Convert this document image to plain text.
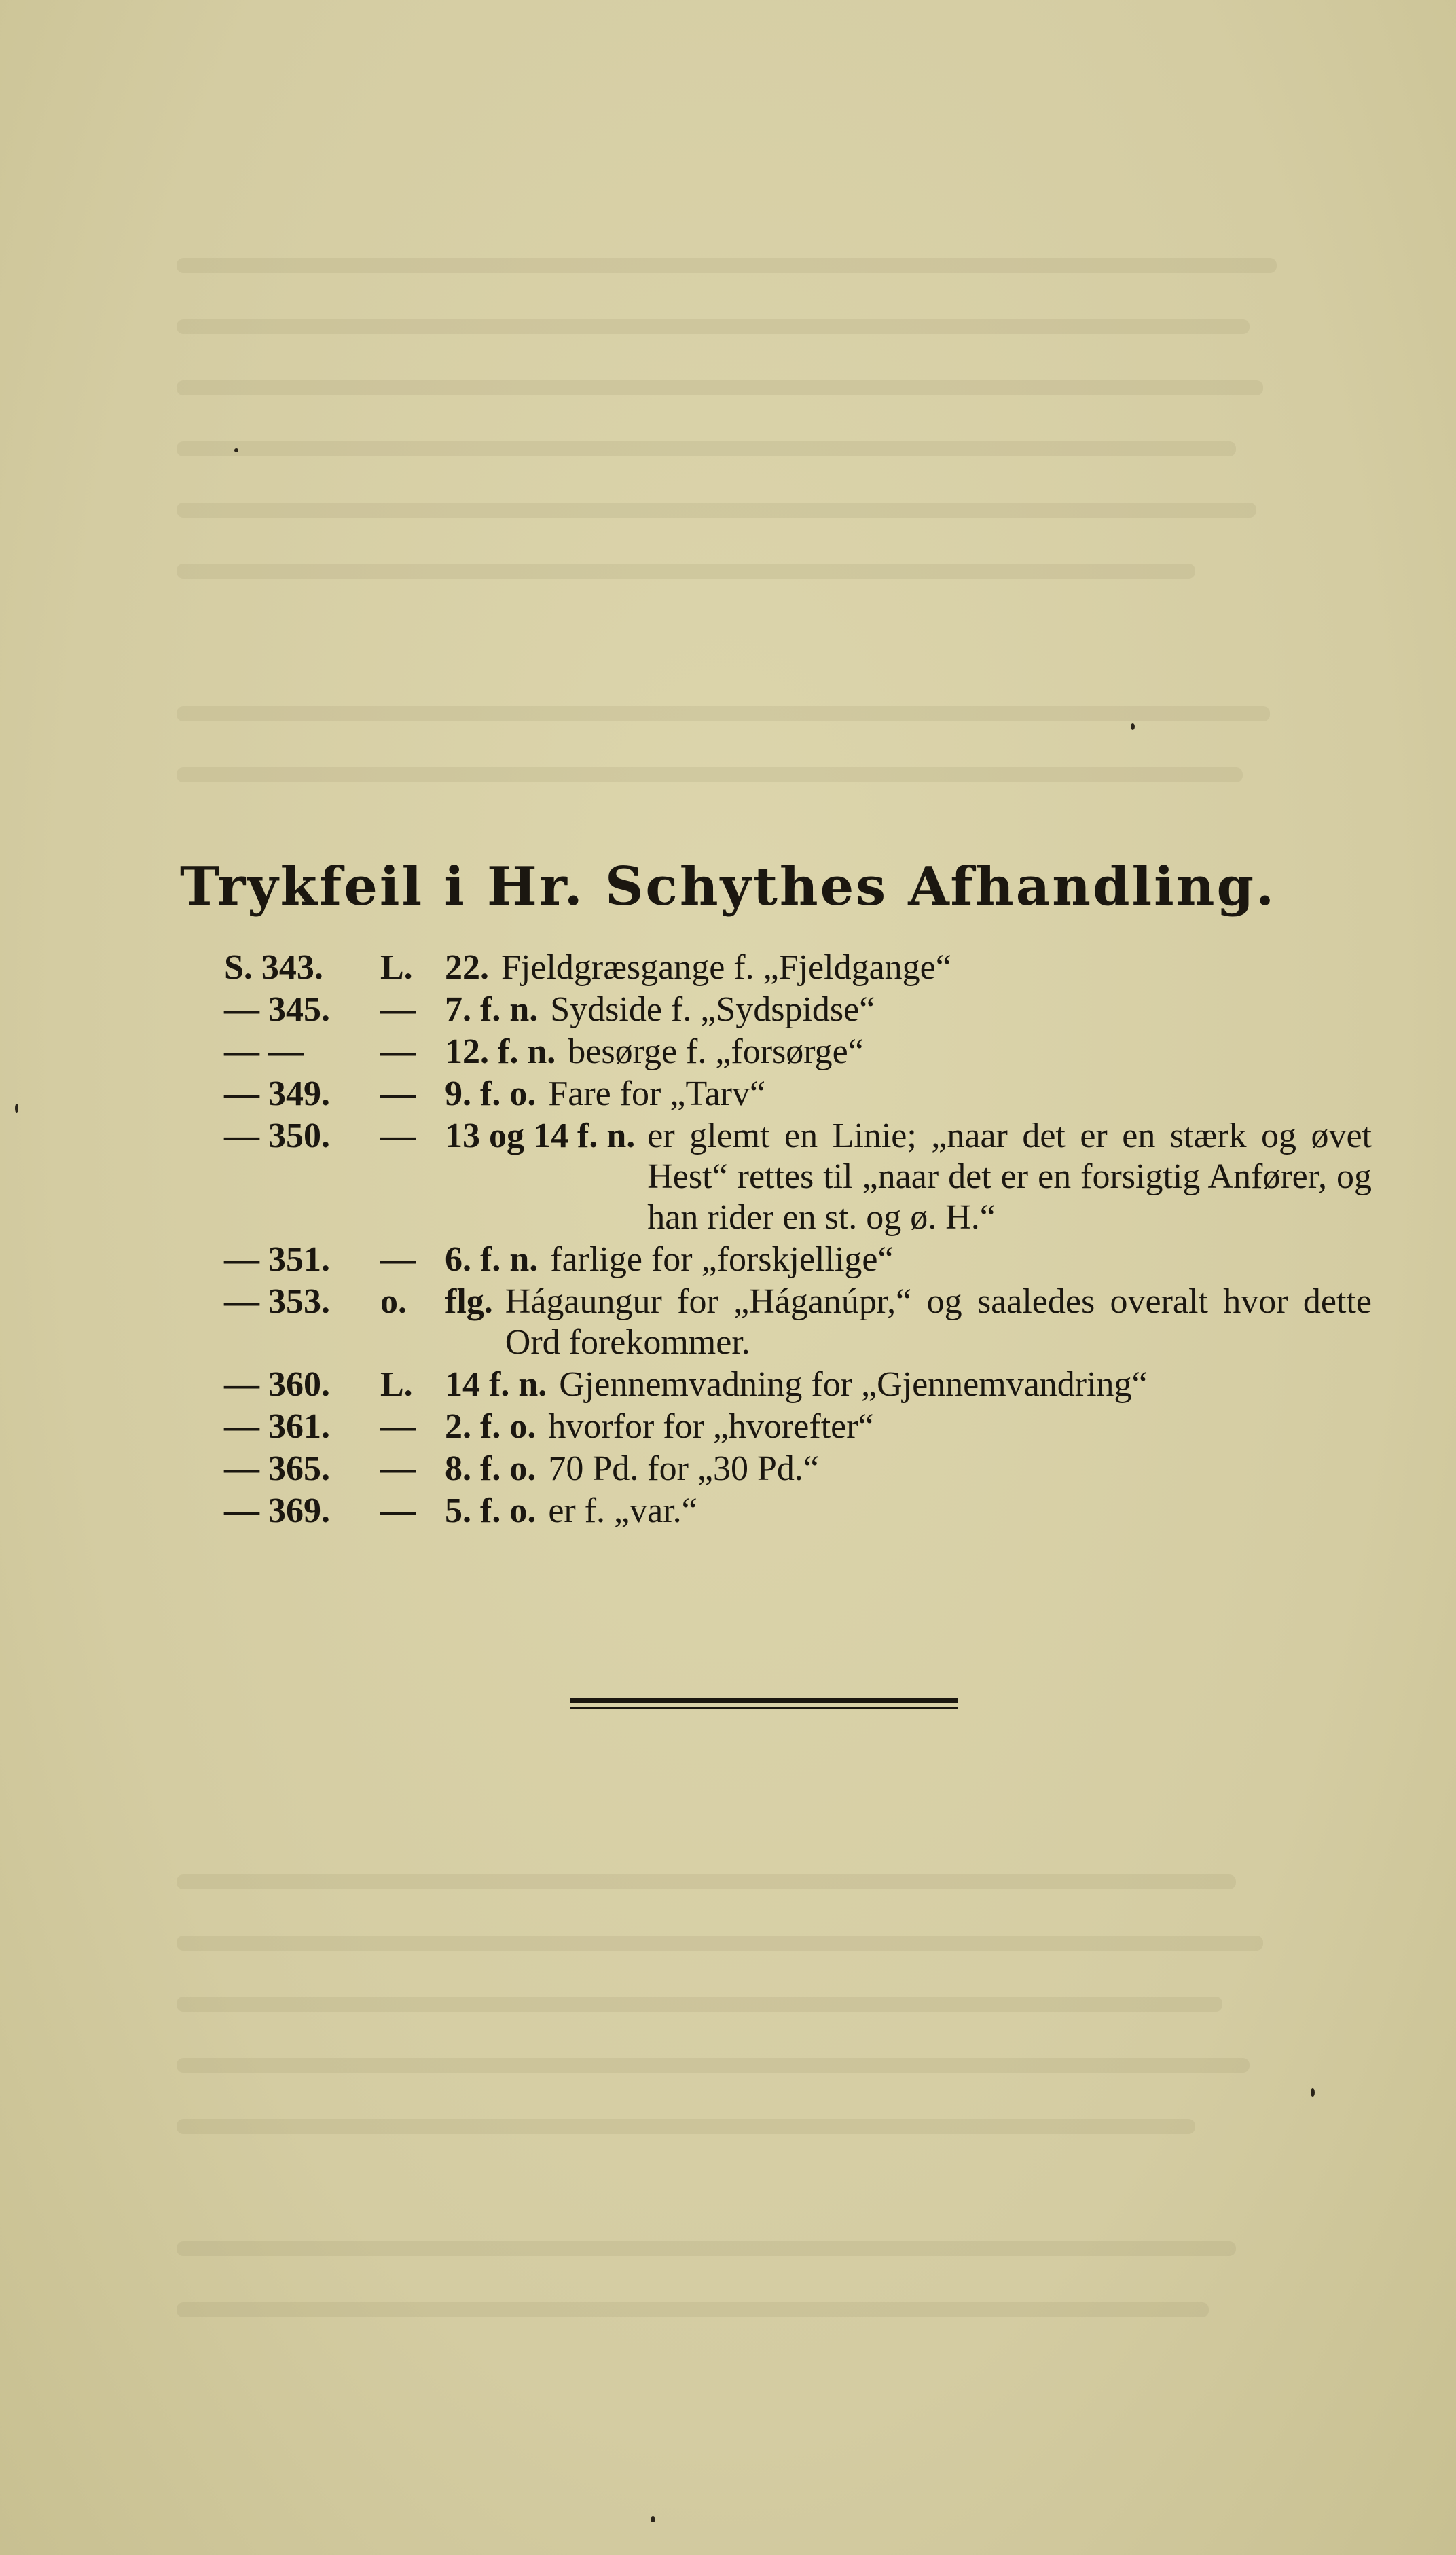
Trykfeil i Hr. Schythes Afhandling.
S. 343.	L. 22. Fjeldgræsgange f. „Fjeldgange“
— 345.	— 7. f. n. Sydside f. „Sydspidse“
— —	— 12. f. n. besørge f. „forsørge“
— 349.	— 9. f. o. Fare for „Tarv“
— 350.	— 13 og 14 f. n. er glemt en Linie; „naar det er en stærk og øvet Hest“ rettes til „naar det er en forsigtig Anfører, og han rider en st. og ø. H.“
— 351.	— 6. f. n. farlige for „forskjellige“
— 353.	o.	flg. Hágaungur for „Háganúpr,“ og saaledes overalt hvor dette Ord forekommer.
— 360.	L. 14 f. n. Gjennemvadning for „Gjennemvandring“
— 361.	— 2. f. o. hvorfor for „hvorefter“
— 365.	— 8. f. o. 70 Pd. for „30 Pd.“
— 369.	— 5. f. o. er f. „var.“
